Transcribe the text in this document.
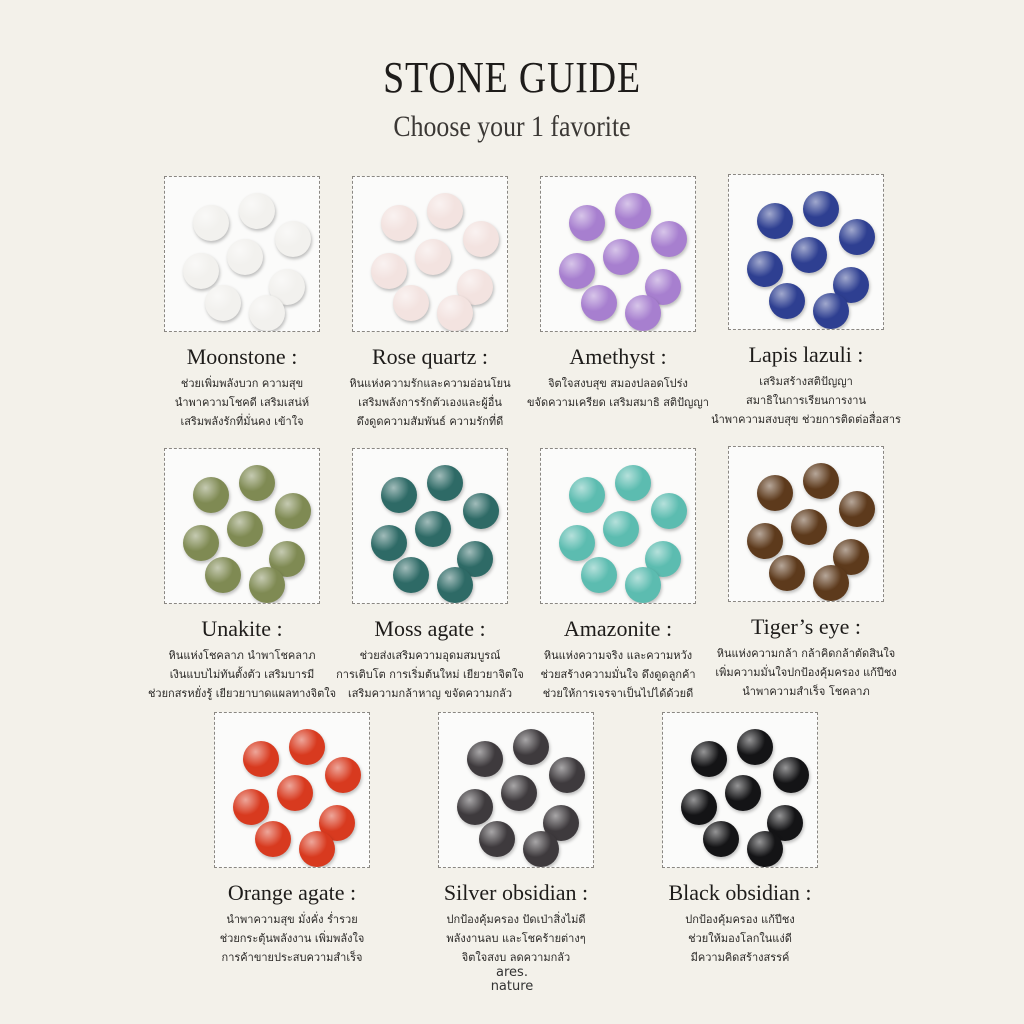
STONE GUIDE
Choose your 1 favorite
Moonstone :
ช่วยเพิ่มพลังบวก ความสุข
นำพาความโชคดี เสริมเสน่ห์
เสริมพลังรักที่มั่นคง เข้าใจ
Rose quartz :
หินแห่งความรักและความอ่อนโยน
เสริมพลังการรักตัวเองและผู้อื่น
ดึงดูดความสัมพันธ์ ความรักที่ดี
Amethyst :
จิตใจสงบสุข สมองปลอดโปร่ง
ขจัดความเครียด เสริมสมาธิ สติปัญญา
Lapis lazuli :
เสริมสร้างสติปัญญา
สมาธิในการเรียนการงาน
นำพาความสงบสุข ช่วยการติดต่อสื่อสาร
Unakite :
หินแห่งโชคลาภ นำพาโชคลาภ
เงินแบบไม่ทันตั้งตัว เสริมบารมี
ช่วยกสรหยั่งรู้ เยียวยาบาดแผลทางจิตใจ
Moss agate :
ช่วยส่งเสริมความอุดมสมบูรณ์
การเติบโต การเริ่มต้นใหม่ เยียวยาจิตใจ
เสริมความกล้าหาญ ขจัดความกลัว
Amazonite :
หินแห่งความจริง และความหวัง
ช่วยสร้างความมั่นใจ ดึงดูดลูกค้า
ช่วยให้การเจรจาเป็นไปได้ด้วยดี
Tiger’s eye :
หินแห่งความกล้า กล้าคิดกล้าตัดสินใจ
เพิ่มความมั่นใจปกป้องคุ้มครอง แก้ปีชง
นำพาความสำเร็จ โชคลาภ
Orange agate :
นำพาความสุข มั่งคั่ง ร่ำรวย
ช่วยกระตุ้นพลังงาน เพิ่มพลังใจ
การค้าขายประสบความสำเร็จ
Silver obsidian :
ปกป้องคุ้มครอง ปัดเป่าสิ่งไม่ดี
พลังงานลบ และโชคร้ายต่างๆ
จิตใจสงบ ลดความกลัว
Black obsidian :
ปกป้องคุ้มครอง แก้ปีชง
ช่วยให้มองโลกในแง่ดี
มีความคิดสร้างสรรค์
ares.
nature
